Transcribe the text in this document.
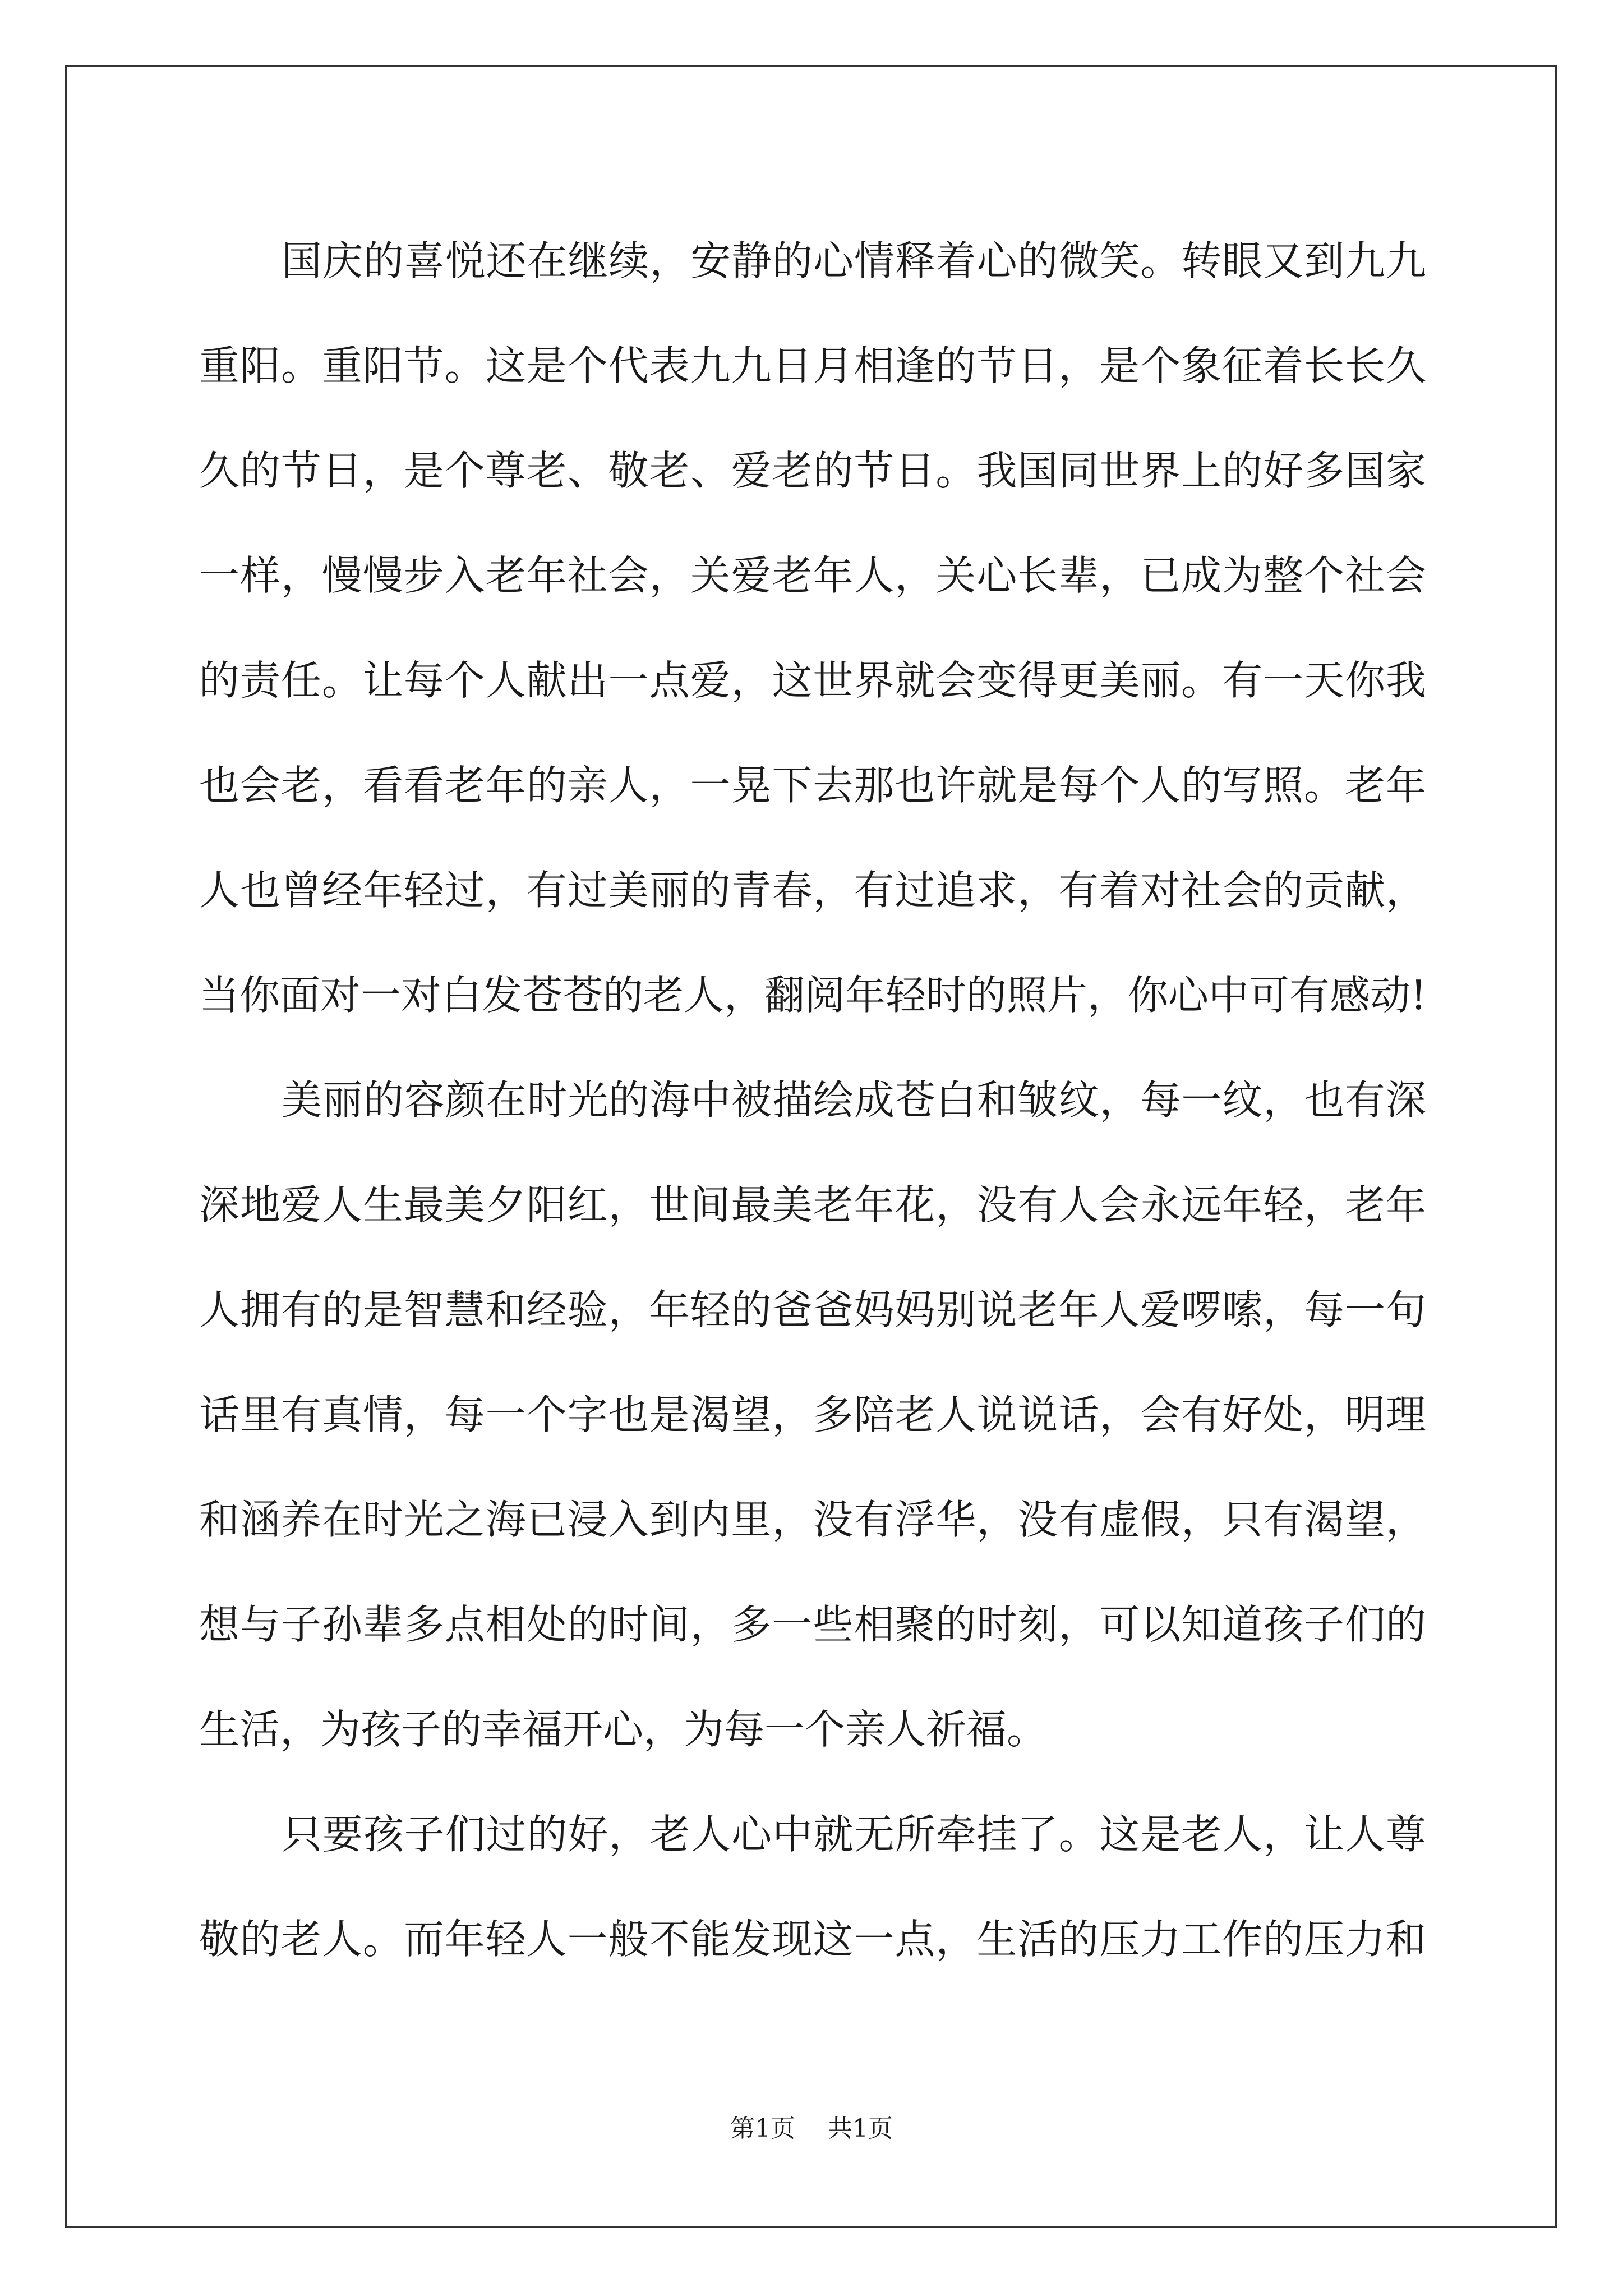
国庆的喜悦还在继续，安静的心情释着心的微笑。转眼又到九九
重阳。重阳节。这是个代表九九日月相逢的节日，是个象征着长长久
久的节日，是个尊老、敬老、爱老的节日。我国同世界上的好多国家
一样，慢慢步入老年社会，关爱老年人，关心长辈，已成为整个社会
的责任。让每个人献出一点爱，这世界就会变得更美丽。有一天你我
也会老，看看老年的亲人，一晃下去那也许就是每个人的写照。老年
人也曾经年轻过，有过美丽的青春，有过追求，有着对社会的贡献，
当你面对一对白发苍苍的老人，翻阅年轻时的照片，你心中可有感动!
美丽的容颜在时光的海中被描绘成苍白和皱纹，每一纹，也有深
深地爱人生最美夕阳红，世间最美老年花，没有人会永远年轻，老年
人拥有的是智慧和经验，年轻的爸爸妈妈别说老年人爱啰嗦，每一句
话里有真情，每一个字也是渴望，多陪老人说说话，会有好处，明理
和涵养在时光之海已浸入到内里，没有浮华，没有虚假，只有渴望，
想与子孙辈多点相处的时间，多一些相聚的时刻，可以知道孩子们的
生活，为孩子的幸福开心，为每一个亲人祈福。
只要孩子们过的好，老人心中就无所牵挂了。这是老人，让人尊
敬的老人。而年轻人一般不能发现这一点，生活的压力工作的压力和
第1页 共1页
